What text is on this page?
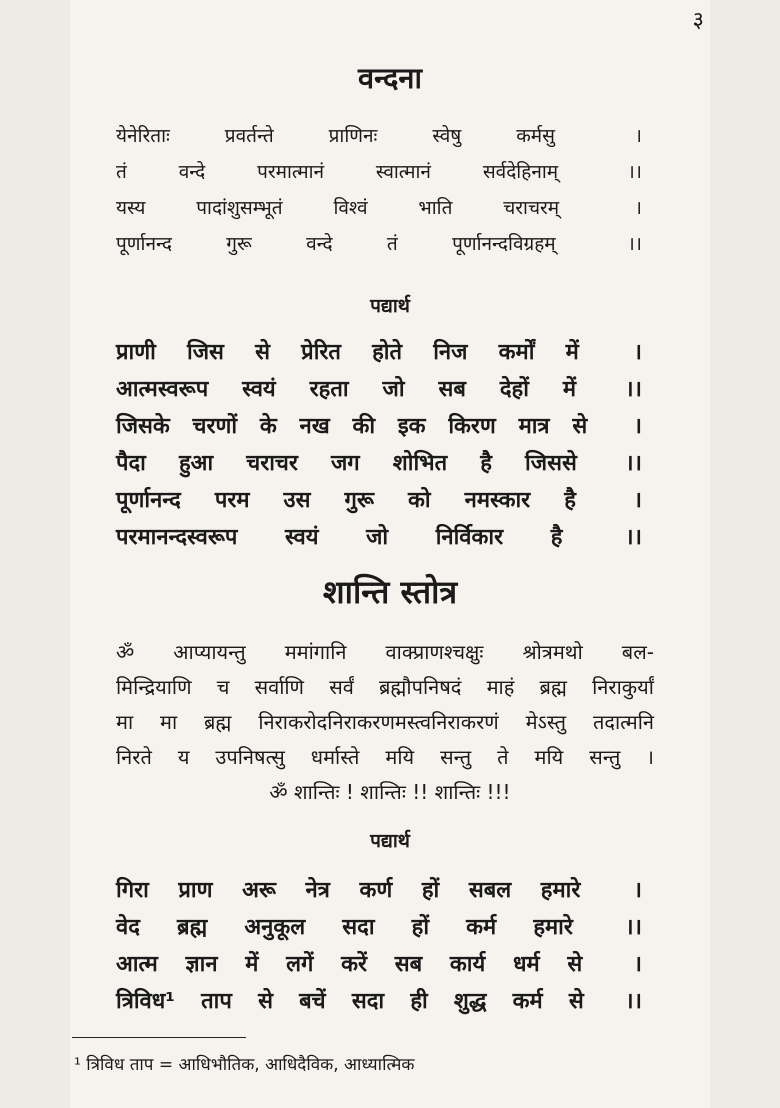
३
वन्दना
येनेरिताः	प्रवर्तन्ते	प्राणिनः	स्वेषु	कर्मसु	।
तं	वन्दे	परमात्मानं	स्वात्मानं	सर्वदेहिनाम्	।।
यस्य	पादांशुसम्भूतं	विश्वं	भाति	चराचरम्	।
पूर्णानन्द	गुरू	वन्दे	तं	पूर्णानन्दविग्रहम्	।।
पद्यार्थ
प्राणी जिस से प्रेरित होते निज कर्मों में	।
आत्मस्वरूप स्वयं रहता जो सब देहों में	।।
जिसके चरणों के नख की इक किरण मात्र से	।
पैदा हुआ चराचर जग शोभित है जिससे	।।
पूर्णानन्द परम उस गुरू को नमस्कार है	।
परमानन्दस्वरूप स्वयं जो निर्विकार है	।।
शान्ति स्तोत्र
ॐ आप्यायन्तु ममांगानि वाक्प्राणश्चक्षुः श्रोत्रमथो बल-
मिन्द्रियाणि च सर्वाणि सर्वं ब्रह्मौपनिषदं माहं ब्रह्म निराकुर्यां
मा मा ब्रह्म निराकरोदनिराकरणमस्त्वनिराकरणं मेऽस्तु तदात्मनि
निरते य उपनिषत्सु धर्मास्ते मयि सन्तु ते मयि सन्तु ।
ॐ शान्तिः ! शान्तिः !! शान्तिः !!!
पद्यार्थ
गिरा प्राण अरू नेत्र कर्ण हों सबल हमारे	।
वेद ब्रह्म अनुकूल सदा हों कर्म हमारे	।।
आत्म ज्ञान में लगें करें सब कार्य धर्म से	।
त्रिविध¹ ताप से बचें सदा ही शुद्ध कर्म से	।।
¹ त्रिविध ताप = आधिभौतिक, आधिदैविक, आध्यात्मिक
